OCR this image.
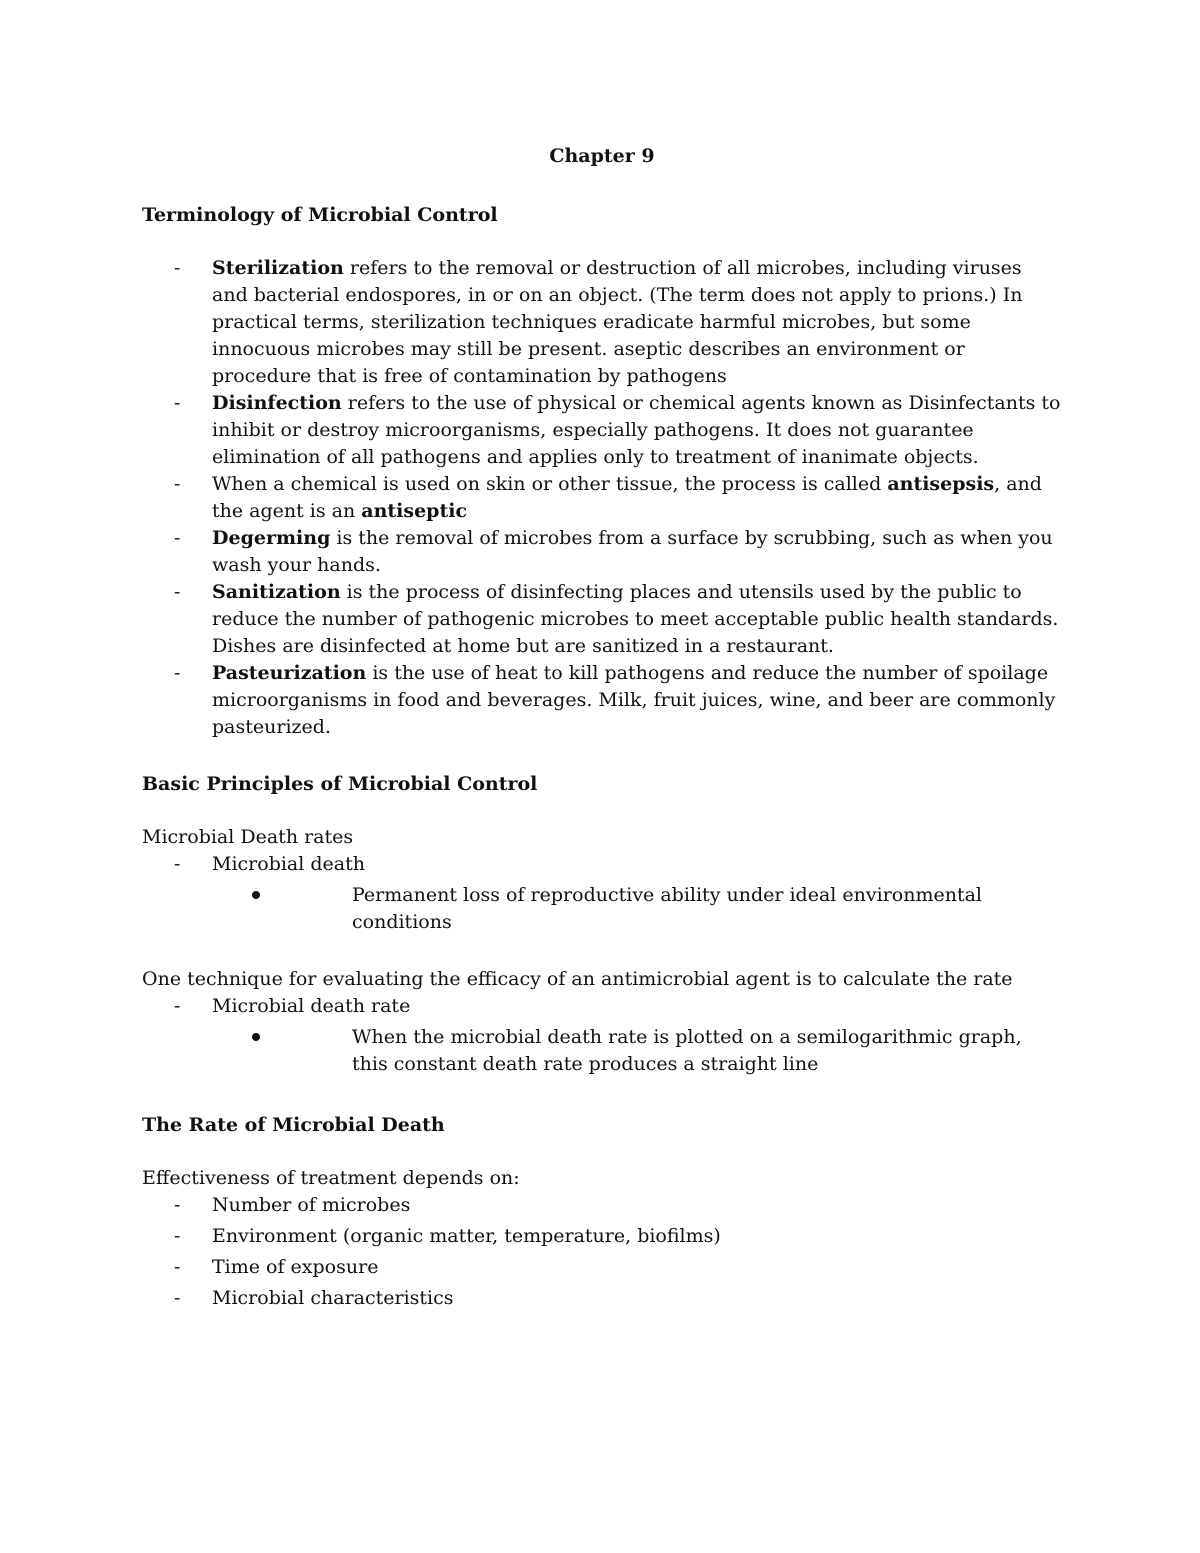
Chapter 9
Terminology of Microbial Control
- Sterilization refers to the removal or destruction of all microbes, including viruses and bacterial endospores, in or on an object. (The term does not apply to prions.) In practical terms, sterilization techniques eradicate harmful microbes, but some innocuous microbes may still be present. aseptic describes an environment or procedure that is free of contamination by pathogens
- Disinfection refers to the use of physical or chemical agents known as Disinfectants to inhibit or destroy microorganisms, especially pathogens. It does not guarantee elimination of all pathogens and applies only to treatment of inanimate objects.
- When a chemical is used on skin or other tissue, the process is called antisepsis, and the agent is an antiseptic
- Degerming is the removal of microbes from a surface by scrubbing, such as when you wash your hands.
- Sanitization is the process of disinfecting places and utensils used by the public to reduce the number of pathogenic microbes to meet acceptable public health standards. Dishes are disinfected at home but are sanitized in a restaurant.
- Pasteurization is the use of heat to kill pathogens and reduce the number of spoilage microorganisms in food and beverages. Milk, fruit juices, wine, and beer are commonly pasteurized.
Basic Principles of Microbial Control

Microbial Death rates

- Microbial death
Permanent loss of reproductive ability under ideal environmental conditions

One technique for evaluating the efficacy of an antimicrobial agent is to calculate the rate

- Microbial death rate
When the microbial death rate is plotted on a semilogarithmic graph, this constant death rate produces a straight line
The Rate of Microbial Death

Effectiveness of treatment depends on:

- Number of microbes
- Environment (organic matter, temperature, biofilms)
- Time of exposure
- Microbial characteristics
